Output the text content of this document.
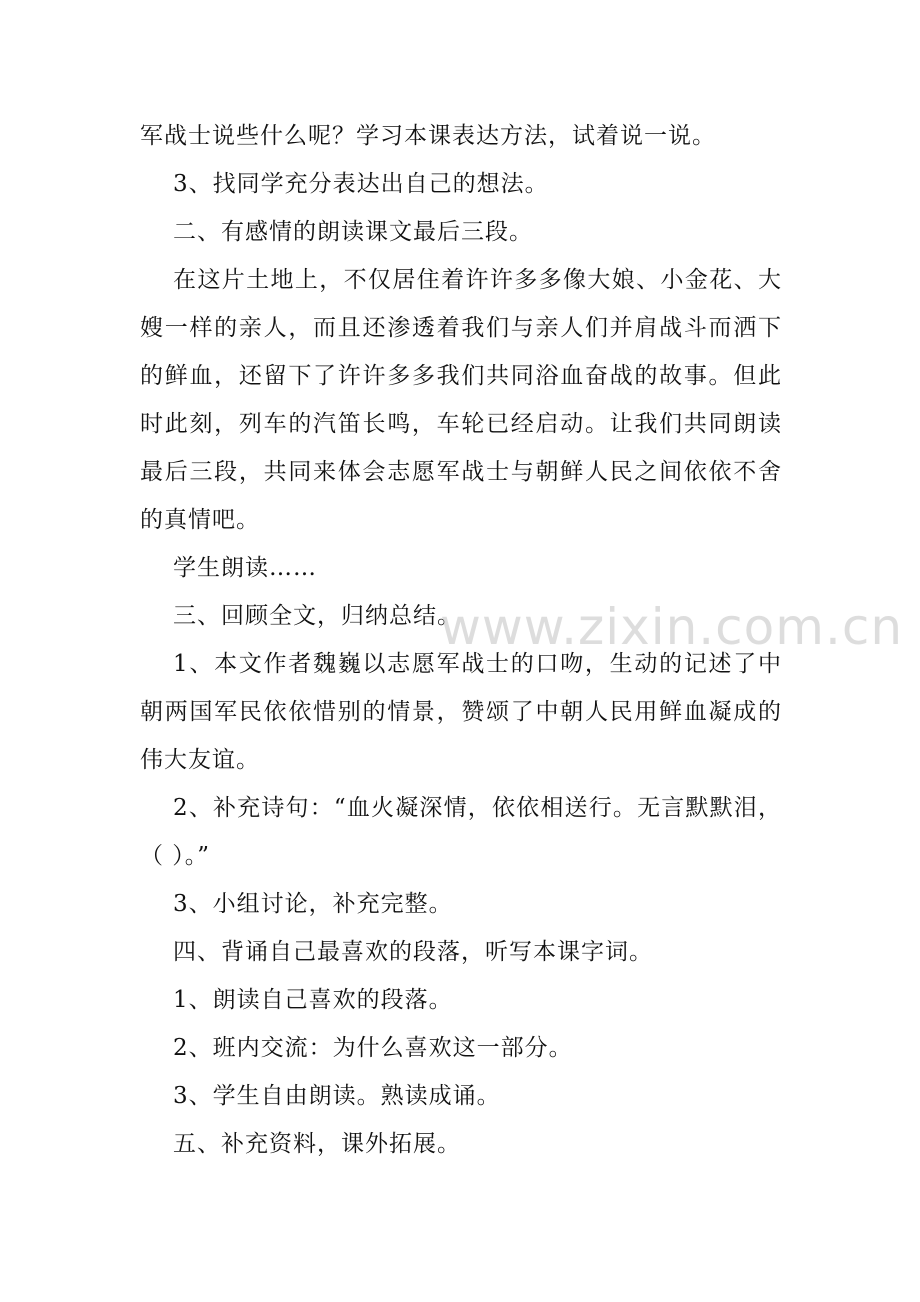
军战士说些什么呢？学习本课表达方法，试着说一说。

3、找同学充分表达出自己的想法。

二、有感情的朗读课文最后三段。

在这片土地上，不仅居住着许许多多像大娘、小金花、大嫂一样的亲人，而且还渗透着我们与亲人们并肩战斗而洒下的鲜血，还留下了许许多多我们共同浴血奋战的故事。但此时此刻，列车的汽笛长鸣，车轮已经启动。让我们共同朗读最后三段，共同来体会志愿军战士与朝鲜人民之间依依不舍的真情吧。

学生朗读……

三、回顾全文，归纳总结。

1、本文作者魏巍以志愿军战士的口吻，生动的记述了中朝两国军民依依惜别的情景，赞颂了中朝人民用鲜血凝成的伟大友谊。

2、补充诗句：“血火凝深情，依依相送行。无言默默泪，（ ）。”

3、小组讨论，补充完整。

四、背诵自己最喜欢的段落，听写本课字词。

1、朗读自己喜欢的段落。

2、班内交流：为什么喜欢这一部分。

3、学生自由朗读。熟读成诵。

五、补充资料，课外拓展。

www.zixin.com.cn
